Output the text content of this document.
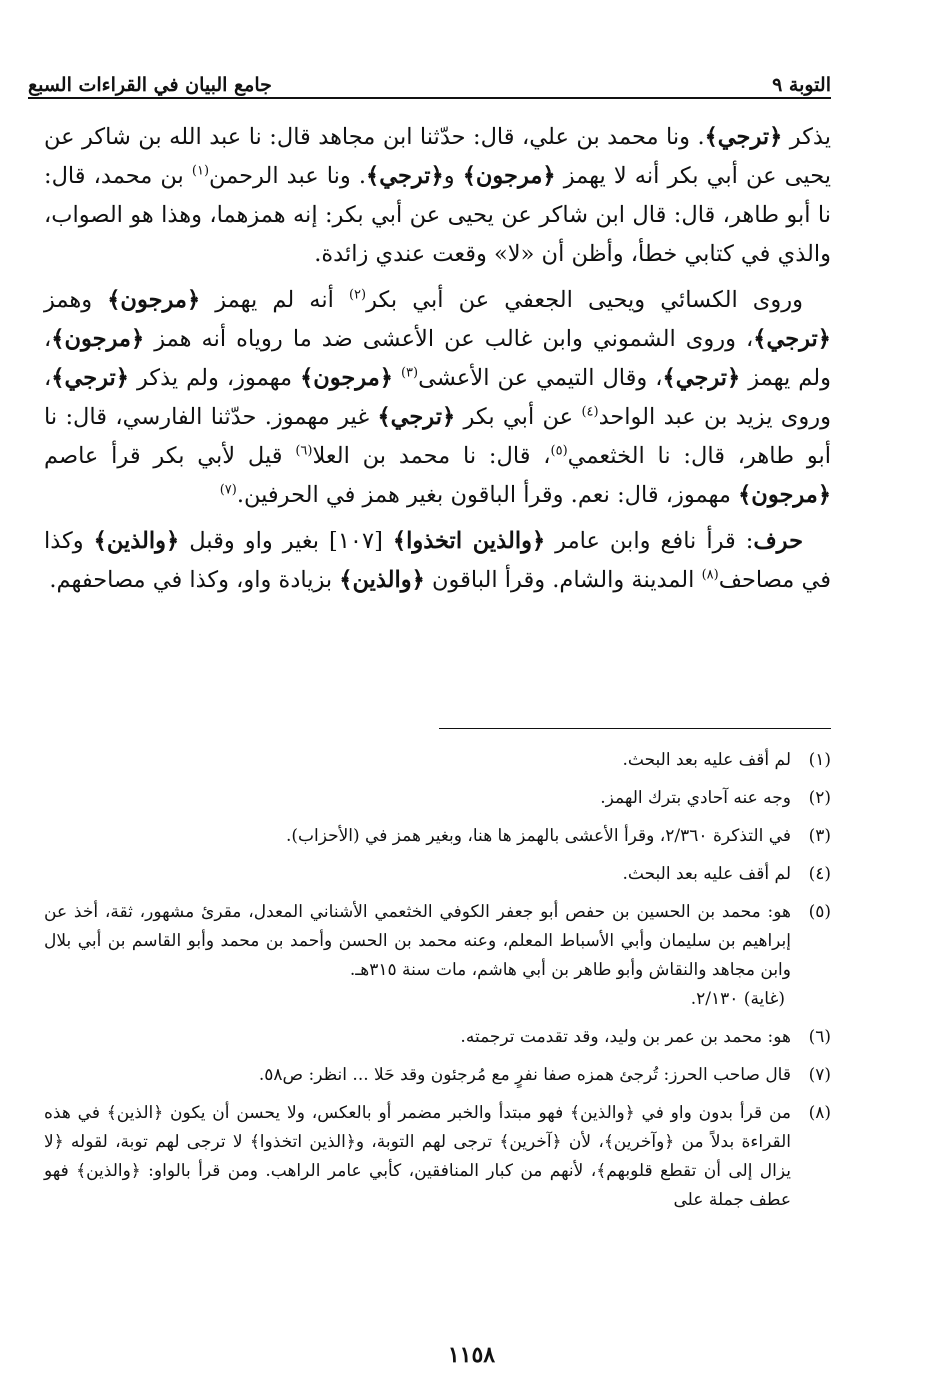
التوبة ٩
جامع البيان في القراءات السبع

يذكر ﴿ترجي﴾. ونا محمد بن علي، قال: حدّثنا ابن مجاهد قال: نا عبد الله بن شاكر عن يحيى عن أبي بكر أنه لا يهمز ﴿مرجون﴾ و﴿ترجي﴾. ونا عبد الرحمن$^{(١)}$ بن محمد، قال: نا أبو طاهر، قال: قال ابن شاكر عن يحيى عن أبي بكر: إنه همزهما، وهذا هو الصواب، والذي في كتابي خطأ، وأظن أن «لا» وقعت عندي زائدة.

وروى الكسائي ويحيى الجعفي عن أبي بكر$^{(٢)}$ أنه لم يهمز ﴿مرجون﴾ وهمز ﴿ترجي﴾، وروى الشموني وابن غالب عن الأعشى ضد ما روياه أنه همز ﴿مرجون﴾، ولم يهمز ﴿ترجي﴾، وقال التيمي عن الأعشى$^{(٣)}$ ﴿مرجون﴾ مهموز، ولم يذكر ﴿ترجي﴾، وروى يزيد بن عبد الواحد$^{(٤)}$ عن أبي بكر ﴿ترجي﴾ غير مهموز. حدّثنا الفارسي، قال: نا أبو طاهر، قال: نا الخثعمي$^{(٥)}$، قال: نا محمد بن العلا$^{(٦)}$ قيل لأبي بكر قرأ عاصم ﴿مرجون﴾ مهموز، قال: نعم. وقرأ الباقون بغير همز في الحرفين.$^{(٧)}$

حرف: قرأ نافع وابن عامر ﴿والذين اتخذوا﴾ [١٠٧] بغير واو وقبل ﴿والذين﴾ وكذا في مصاحف$^{(٨)}$ المدينة والشام. وقرأ الباقون ﴿والذين﴾ بزيادة واو، وكذا في مصاحفهم.

(١)
لم أقف عليه بعد البحث.
(٢)
وجه عنه آحادي بترك الهمز.
(٣)
في التذكرة ٢/٣٦٠، وقرأ الأعشى بالهمز ها هنا، وبغير همز في (الأحزاب).
(٤)
لم أقف عليه بعد البحث.
(٥)
هو: محمد بن الحسين بن حفص أبو جعفر الكوفي الخثعمي الأشناني المعدل، مقرئ مشهور، ثقة، أخذ عن إبراهيم بن سليمان وأبي الأسباط المعلم، وعنه محمد بن الحسن وأحمد بن محمد وأبو القاسم بن أبي بلال وابن مجاهد والنقاش وأبو طاهر بن أبي هاشم، مات سنة ٣١٥هـ.
(غاية) ٢/١٣٠.
(٦)
هو: محمد بن عمر بن وليد، وقد تقدمت ترجمته.
(٧)
قال صاحب الحرز: تُرجئ همزه صفا نفرٍ مع مُرجئون وقد حَلا ... انظر: ص٥٨.
(٨)
من قرأ بدون واو في ﴿والذين﴾ فهو مبتدأ والخبر مضمر أو بالعكس، ولا يحسن أن يكون ﴿الذين﴾ في هذه القراءة بدلاً من ﴿وآخرين﴾، لأن ﴿آخرين﴾ ترجى لهم التوبة، و﴿الذين اتخذوا﴾ لا ترجى لهم توبة، لقوله ﴿لا يزال إلى أن تقطع قلوبهم﴾، لأنهم من كبار المنافقين، كأبي عامر الراهب. ومن قرأ بالواو: ﴿والذين﴾ فهو عطف جملة على
١١٥٨
